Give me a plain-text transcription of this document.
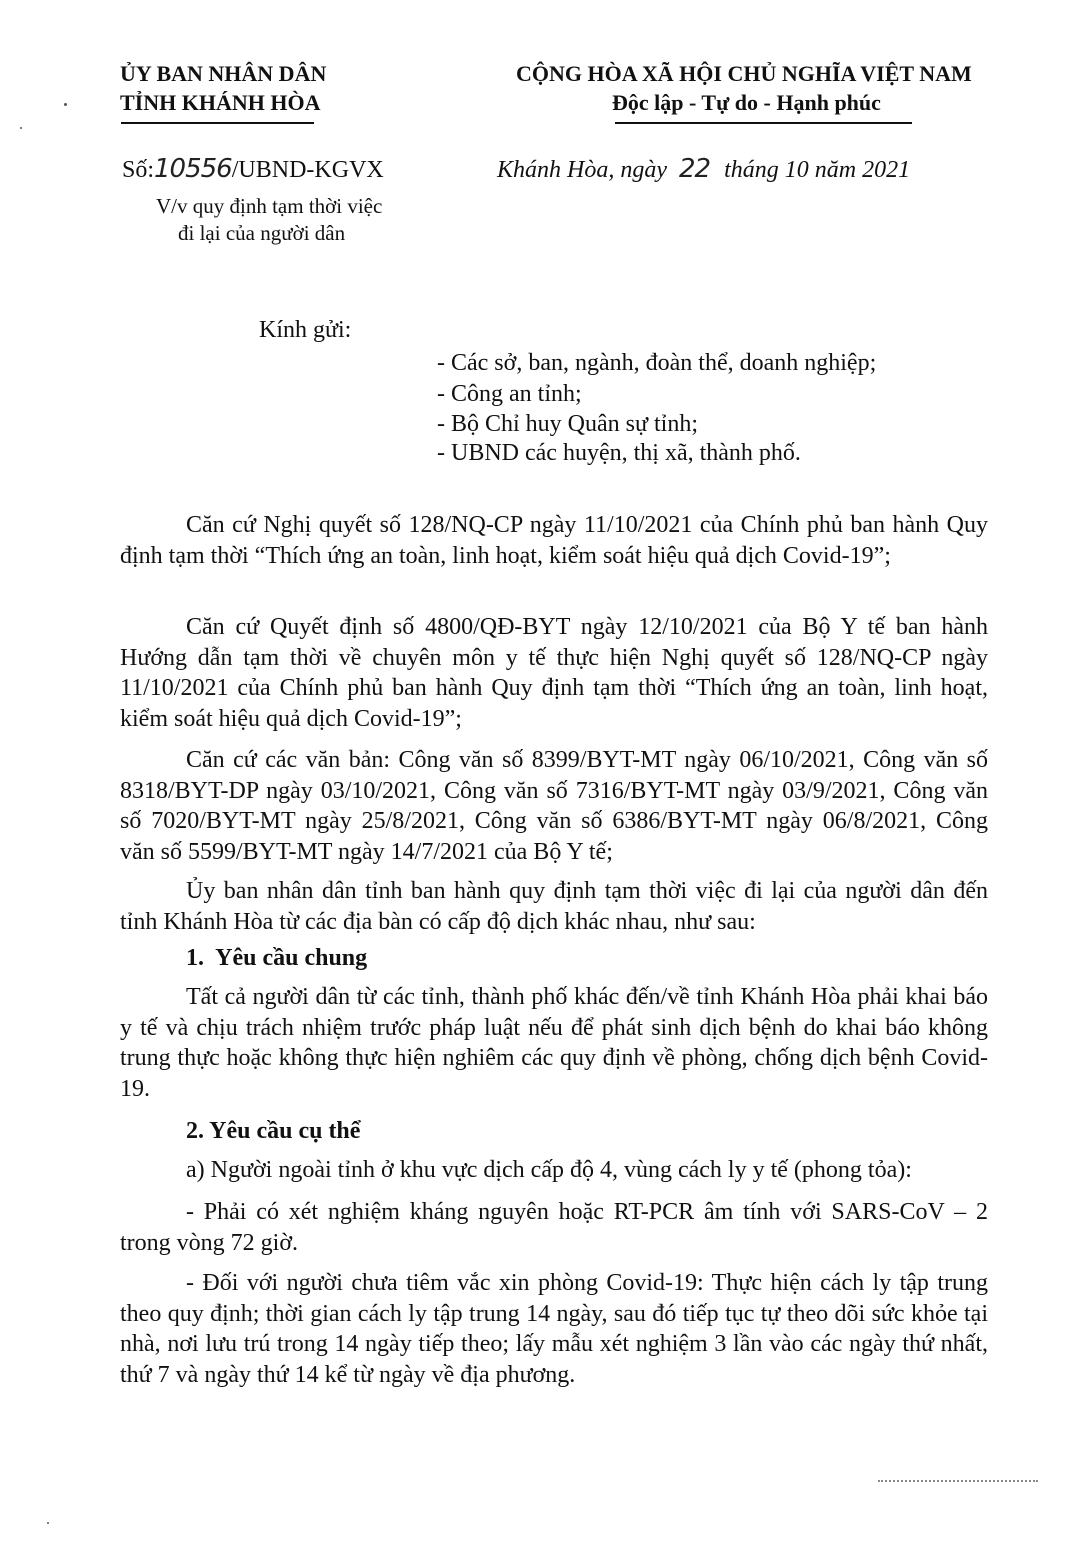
ỦY BAN NHÂN DÂN
TỈNH KHÁNH HÒA
CỘNG HÒA XÃ HỘI CHỦ NGHĨA VIỆT NAM
Độc lập - Tự do - Hạnh phúc
Số:10556/UBND-KGVX	Khánh Hòa, ngày 22 tháng 10 năm 2021
V/v quy định tạm thời việc
đi lại của người dân
Kính gửi:
- Các sở, ban, ngành, đoàn thể, doanh nghiệp;
- Công an tỉnh;
- Bộ Chỉ huy Quân sự tỉnh;
- UBND các huyện, thị xã, thành phố.

Căn cứ Nghị quyết số 128/NQ-CP ngày 11/10/2021 của Chính phủ ban hành Quy định tạm thời “Thích ứng an toàn, linh hoạt, kiểm soát hiệu quả dịch Covid-19”;

Căn cứ Quyết định số 4800/QĐ-BYT ngày 12/10/2021 của Bộ Y tế ban hành Hướng dẫn tạm thời về chuyên môn y tế thực hiện Nghị quyết số 128/NQ-CP ngày 11/10/2021 của Chính phủ ban hành Quy định tạm thời “Thích ứng an toàn, linh hoạt, kiểm soát hiệu quả dịch Covid-19”;

Căn cứ các văn bản: Công văn số 8399/BYT-MT ngày 06/10/2021, Công văn số 8318/BYT-DP ngày 03/10/2021, Công văn số 7316/BYT-MT ngày 03/9/2021, Công văn số 7020/BYT-MT ngày 25/8/2021, Công văn số 6386/BYT-MT ngày 06/8/2021, Công văn số 5599/BYT-MT ngày 14/7/2021 của Bộ Y tế;

Ủy ban nhân dân tỉnh ban hành quy định tạm thời việc đi lại của người dân đến tỉnh Khánh Hòa từ các địa bàn có cấp độ dịch khác nhau, như sau:

1.  Yêu cầu chung

Tất cả người dân từ các tỉnh, thành phố khác đến/về tỉnh Khánh Hòa phải khai báo y tế và chịu trách nhiệm trước pháp luật nếu để phát sinh dịch bệnh do khai báo không trung thực hoặc không thực hiện nghiêm các quy định về phòng, chống dịch bệnh Covid-19.

2. Yêu cầu cụ thể

a) Người ngoài tỉnh ở khu vực dịch cấp độ 4, vùng cách ly y tế (phong tỏa):

- Phải có xét nghiệm kháng nguyên hoặc RT-PCR âm tính với SARS-CoV – 2 trong vòng 72 giờ.

- Đối với người chưa tiêm vắc xin phòng Covid-19: Thực hiện cách ly tập trung theo quy định; thời gian cách ly tập trung 14 ngày, sau đó tiếp tục tự theo dõi sức khỏe tại nhà, nơi lưu trú trong 14 ngày tiếp theo; lấy mẫu xét nghiệm 3 lần vào các ngày thứ nhất, thứ 7 và ngày thứ 14 kể từ ngày về địa phương.
